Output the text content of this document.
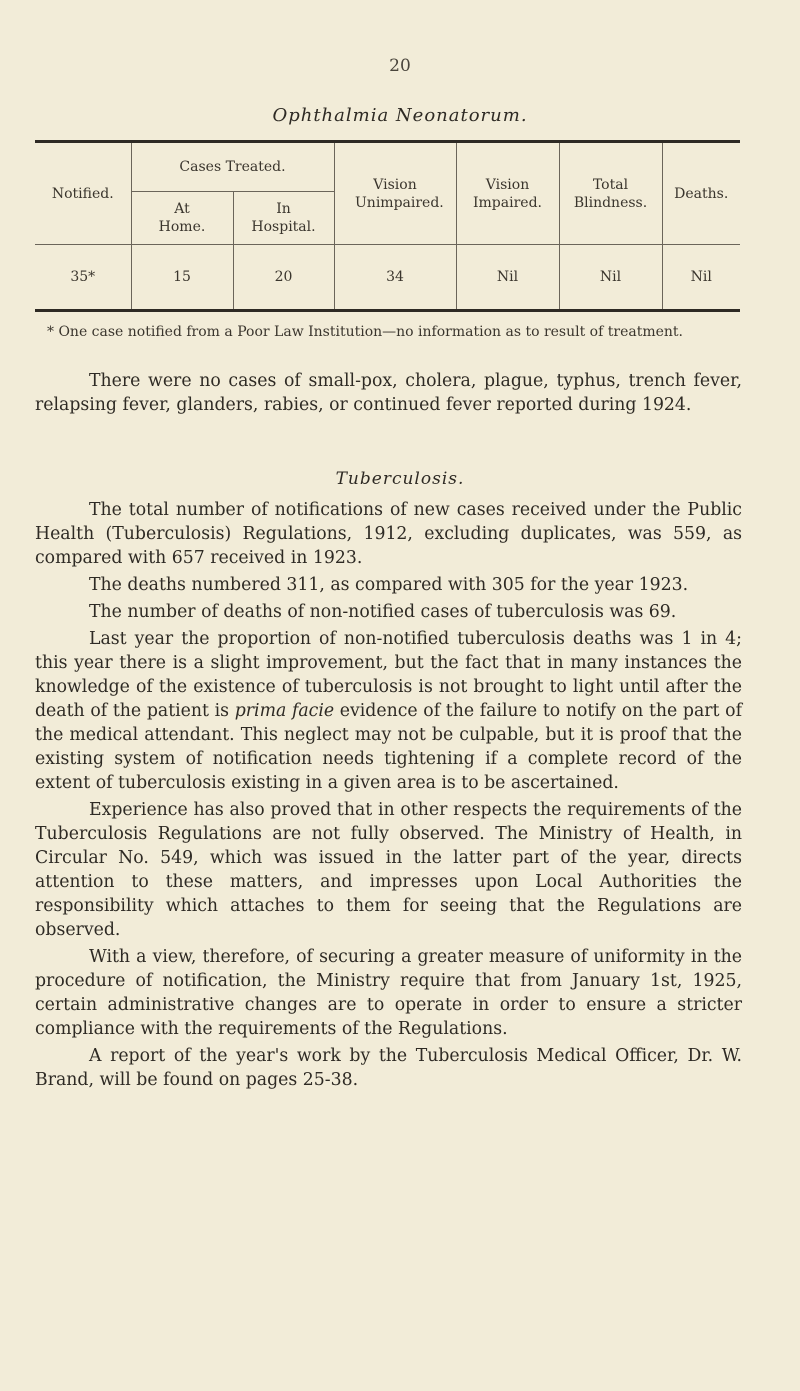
20
Ophthalmia Neonatorum.
Notified.	Cases Treated.		Vision Unimpaired.	Vision Impaired.	Total Blindness.	Deaths.
	At Home.	In Hospital.				
35*	15	20	34	Nil	Nil	Nil
* One case notified from a Poor Law Institution—no information as to result of treatment.

There were no cases of small-pox, cholera, plague, typhus, trench fever, relapsing fever, glanders, rabies, or continued fever reported during 1924.

Tuberculosis.

The total number of notifications of new cases received under the Public Health (Tuberculosis) Regulations, 1912, excluding duplicates, was 559, as compared with 657 received in 1923.

The deaths numbered 311, as compared with 305 for the year 1923.

The number of deaths of non-notified cases of tuberculosis was 69.

Last year the proportion of non-notified tuberculosis deaths was 1 in 4; this year there is a slight improvement, but the fact that in many instances the knowledge of the existence of tuberculosis is not brought to light until after the death of the patient is prima facie evidence of the failure to notify on the part of the medical attendant. This neglect may not be culpable, but it is proof that the existing system of notification needs tightening if a complete record of the extent of tuberculosis existing in a given area is to be ascertained.

Experience has also proved that in other respects the requirements of the Tuberculosis Regulations are not fully observed. The Ministry of Health, in Circular No. 549, which was issued in the latter part of the year, directs attention to these matters, and impresses upon Local Authorities the responsibility which attaches to them for seeing that the Regulations are observed.

With a view, therefore, of securing a greater measure of uniformity in the procedure of notification, the Ministry require that from January 1st, 1925, certain administrative changes are to operate in order to ensure a stricter compliance with the requirements of the Regulations.

A report of the year's work by the Tuberculosis Medical Officer, Dr. W. Brand, will be found on pages 25-38.
